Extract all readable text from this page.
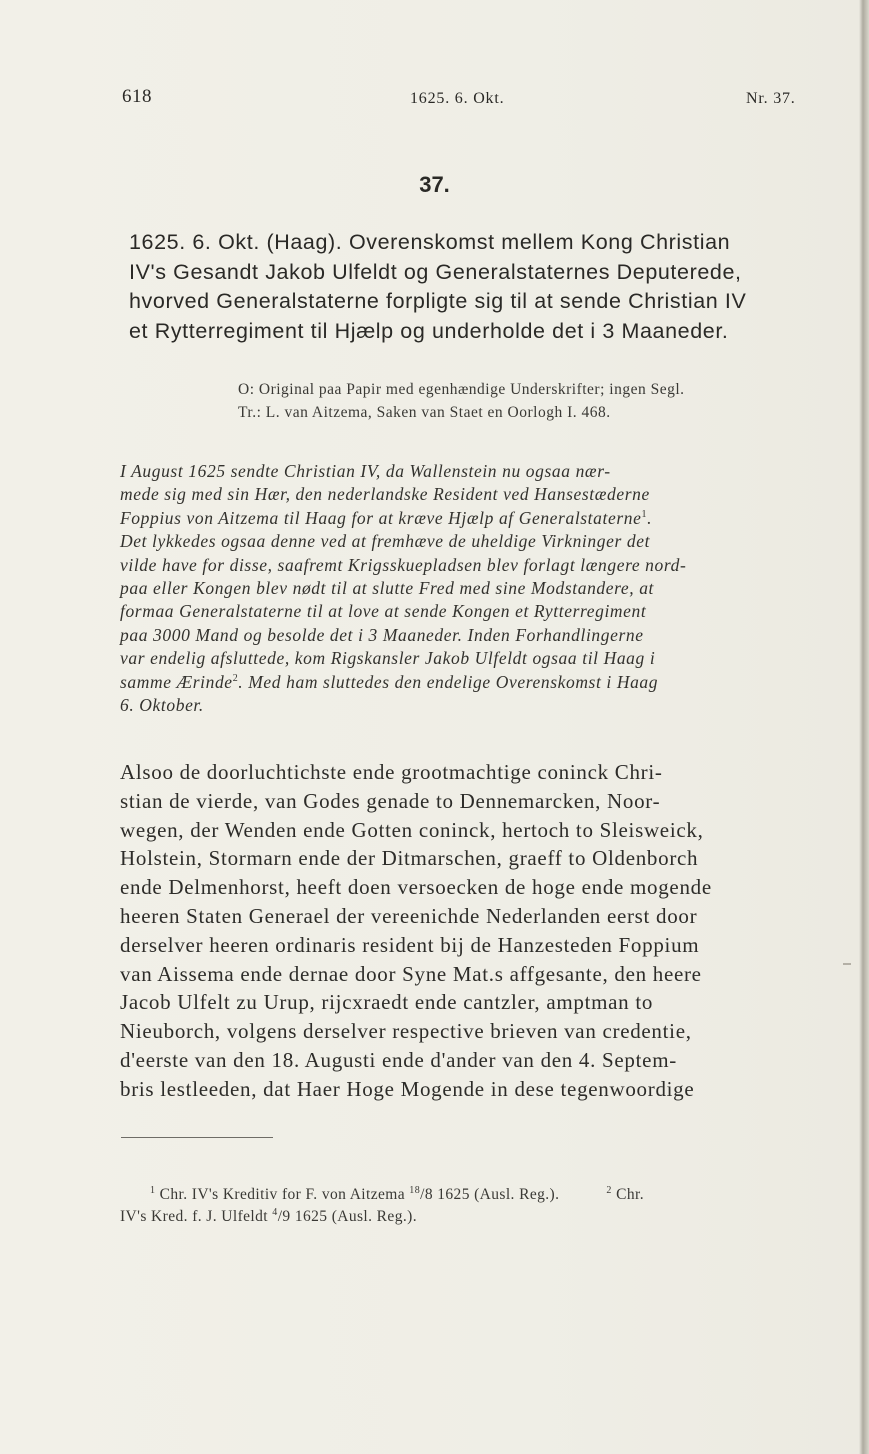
618	1625. 6. Okt.	Nr. 37.
37.
1625. 6. Okt. (Haag). Overenskomst mellem Kong Christian
IV's Gesandt Jakob Ulfeldt og Generalstaternes Deputerede,
hvorved Generalstaterne forpligte sig til at sende Christian IV
et Rytterregiment til Hjælp og underholde det i 3 Maaneder.
O: Original paa Papir med egenhændige Underskrifter; ingen Segl.
Tr.: L. van Aitzema, Saken van Staet en Oorlogh I. 468.
I August 1625 sendte Christian IV, da Wallenstein nu ogsaa nær-
mede sig med sin Hær, den nederlandske Resident ved Hansestæderne
Foppius von Aitzema til Haag for at kræve Hjælp af Generalstaterne$^1$.
Det lykkedes ogsaa denne ved at fremhæve de uheldige Virkninger det
vilde have for disse, saafremt Krigsskuepladsen blev forlagt længere nord-
paa eller Kongen blev nødt til at slutte Fred med sine Modstandere, at
formaa Generalstaterne til at love at sende Kongen et Rytterregiment
paa 3000 Mand og besolde det i 3 Maaneder. Inden Forhandlingerne
var endelig afsluttede, kom Rigskansler Jakob Ulfeldt ogsaa til Haag i
samme Ærinde$^2$. Med ham sluttedes den endelige Overenskomst i Haag
6. Oktober.
Alsoo de doorluchtichste ende grootmachtige coninck Chri-
stian de vierde, van Godes genade to Dennemarcken, Noor-
wegen, der Wenden ende Gotten coninck, hertoch to Sleisweick,
Holstein, Stormarn ende der Ditmarschen, graeff to Oldenborch
ende Delmenhorst, heeft doen versoecken de hoge ende mogende
heeren Staten Generael der vereenichde Nederlanden eerst door
derselver heeren ordinaris resident bij de Hanzesteden Foppium
van Aissema ende dernae door Syne Mat.s affgesante, den heere
Jacob Ulfelt zu Urup, rijcxraedt ende cantzler, amptman to
Nieuborch, volgens derselver respective brieven van credentie,
d'eerste van den 18. Augusti ende d'ander van den 4. Septem-
bris lestleeden, dat Haer Hoge Mogende in dese tegenwoordige
$^1$ Chr. IV's Kreditiv for F. von Aitzema $^{18}$/8 1625 (Ausl. Reg.).	$^2$ Chr.
IV's Kred. f. J. Ulfeldt $^4$/9 1625 (Ausl. Reg.).
